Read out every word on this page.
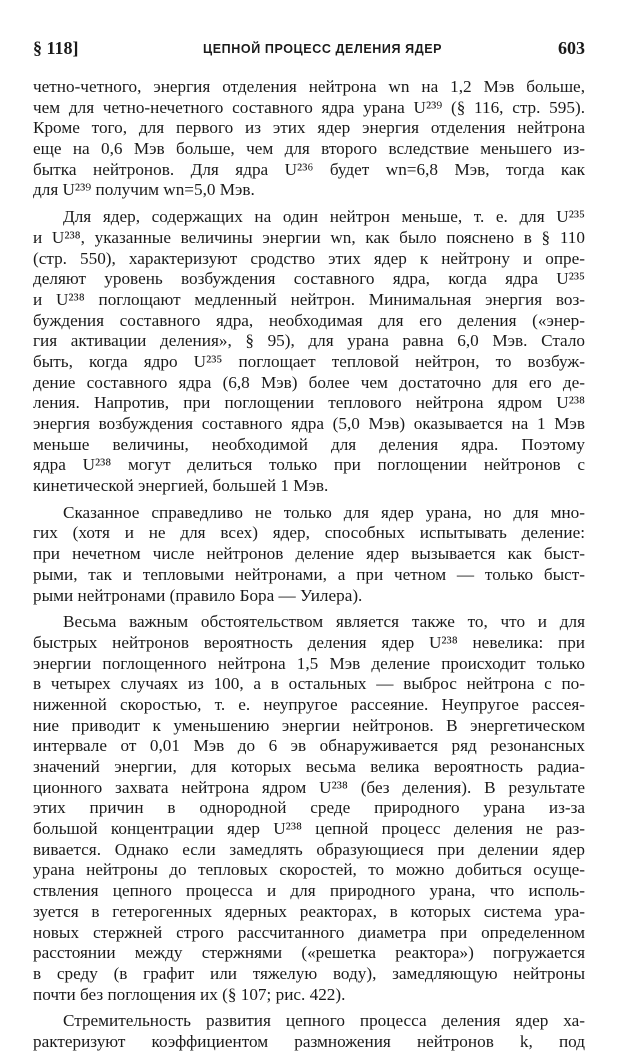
§ 118]	ЦЕПНОЙ ПРОЦЕСС ДЕЛЕНИЯ ЯДЕР	603
четно-четного, энергия отделения нейтрона wn на 1,2 Мэв больше,
чем для четно-нечетного составного ядра урана U²³⁹ (§ 116, стр. 595).
Кроме того, для первого из этих ядер энергия отделения нейтрона
еще на 0,6 Мэв больше, чем для второго вследствие меньшего из-
бытка нейтронов. Для ядра U²³⁶ будет wn=6,8 Мэв, тогда как
для U²³⁹ получим wn=5,0 Мэв.
Для ядер, содержащих на один нейтрон меньше, т. е. для U²³⁵
и U²³⁸, указанные величины энергии wn, как было пояснено в § 110
(стр. 550), характеризуют сродство этих ядер к нейтрону и опре-
деляют уровень возбуждения составного ядра, когда ядра U²³⁵
и U²³⁸ поглощают медленный нейтрон. Минимальная энергия воз-
буждения составного ядра, необходимая для его деления («энер-
гия активации деления», § 95), для урана равна 6,0 Мэв. Стало
быть, когда ядро U²³⁵ поглощает тепловой нейтрон, то возбуж-
дение составного ядра (6,8 Мэв) более чем достаточно для его де-
ления. Напротив, при поглощении теплового нейтрона ядром U²³⁸
энергия возбуждения составного ядра (5,0 Мэв) оказывается на 1 Мэв
меньше величины, необходимой для деления ядра. Поэтому
ядра U²³⁸ могут делиться только при поглощении нейтронов с
кинетической энергией, большей 1 Мэв.
Сказанное справедливо не только для ядер урана, но для мно-
гих (хотя и не для всех) ядер, способных испытывать деление:
при нечетном числе нейтронов деление ядер вызывается как быст-
рыми, так и тепловыми нейтронами, а при четном — только быст-
рыми нейтронами (правило Бора — Уилера).
Весьма важным обстоятельством является также то, что и для
быстрых нейтронов вероятность деления ядер U²³⁸ невелика: при
энергии поглощенного нейтрона 1,5 Мэв деление происходит только
в четырех случаях из 100, а в остальных — выброс нейтрона с по-
ниженной скоростью, т. е. неупругое рассеяние. Неупругое рассея-
ние приводит к уменьшению энергии нейтронов. В энергетическом
интервале от 0,01 Мэв до 6 эв обнаруживается ряд резонансных
значений энергии, для которых весьма велика вероятность радиа-
ционного захвата нейтрона ядром U²³⁸ (без деления). В результате
этих причин в однородной среде природного урана из-за
большой концентрации ядер U²³⁸ цепной процесс деления не раз-
вивается. Однако если замедлять образующиеся при делении ядер
урана нейтроны до тепловых скоростей, то можно добиться осуще-
ствления цепного процесса и для природного урана, что исполь-
зуется в гетерогенных ядерных реакторах, в которых система ура-
новых стержней строго рассчитанного диаметра при определенном
расстоянии между стержнями («решетка реактора») погружается
в среду (в графит или тяжелую воду), замедляющую нейтроны
почти без поглощения их (§ 107; рис. 422).
Стремительность развития цепного процесса деления ядер ха-
рактеризуют коэффициентом размножения нейтронов k, под
